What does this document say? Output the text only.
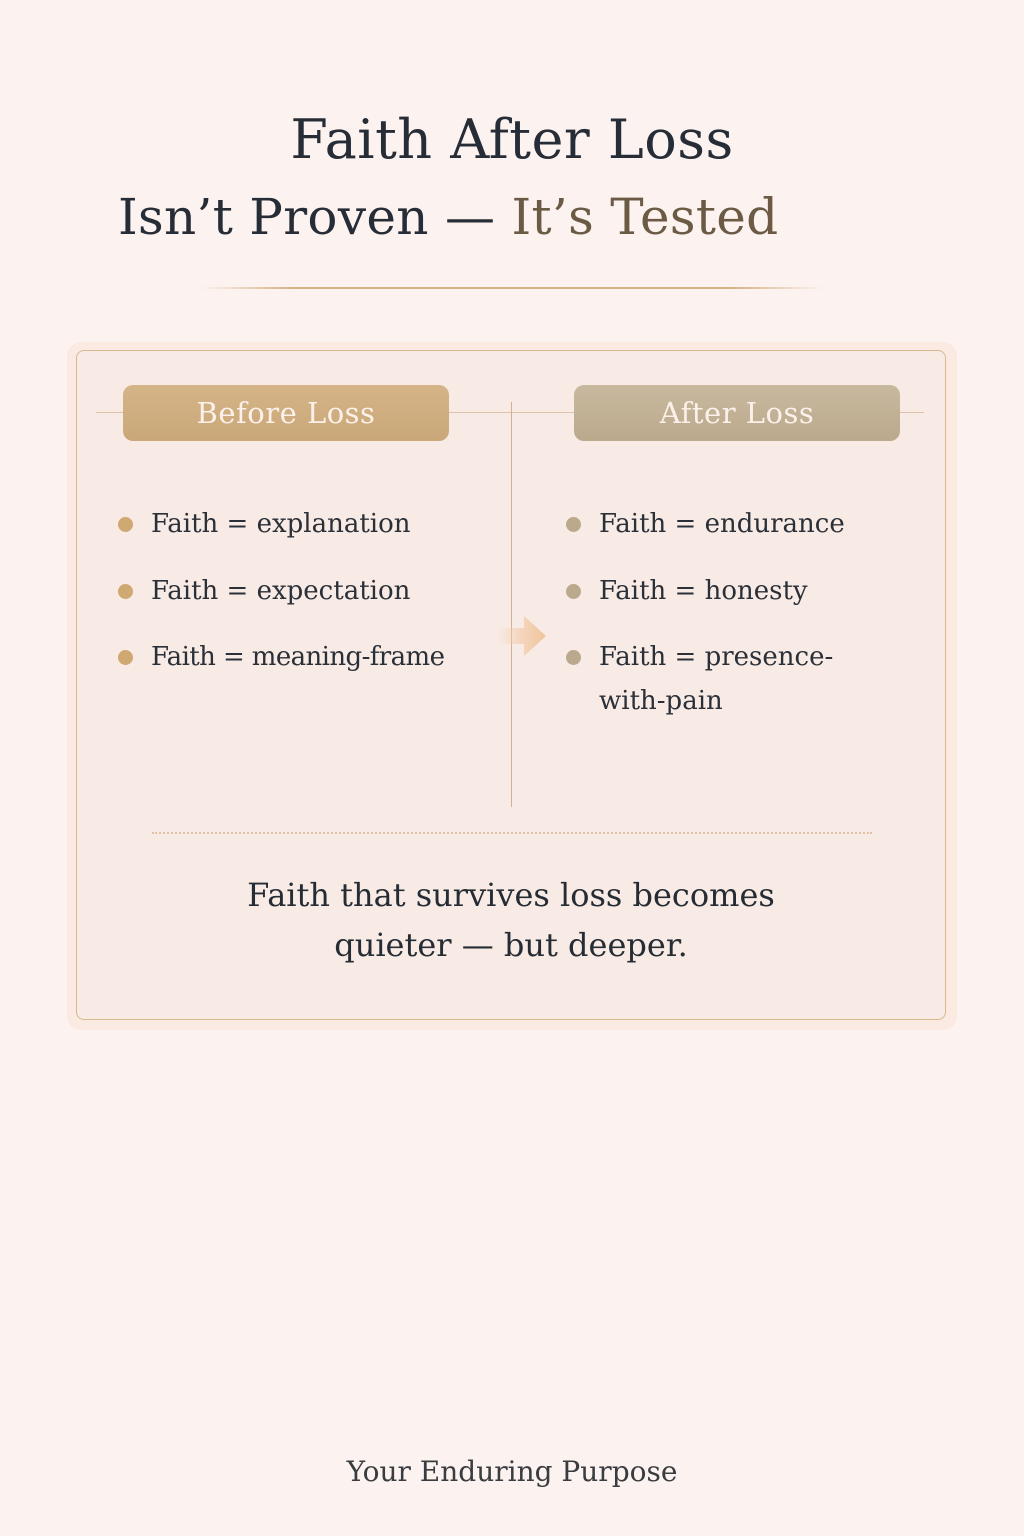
Faith After Loss
Isn’t Proven — It’s Tested
Before Loss	After Loss
Faith = explanation
Faith = expectation
Faith = meaning-frame
Faith = endurance
Faith = honesty
Faith = presence-with-pain
Faith that survives loss becomes
quieter — but deeper.
Your Enduring Purpose
